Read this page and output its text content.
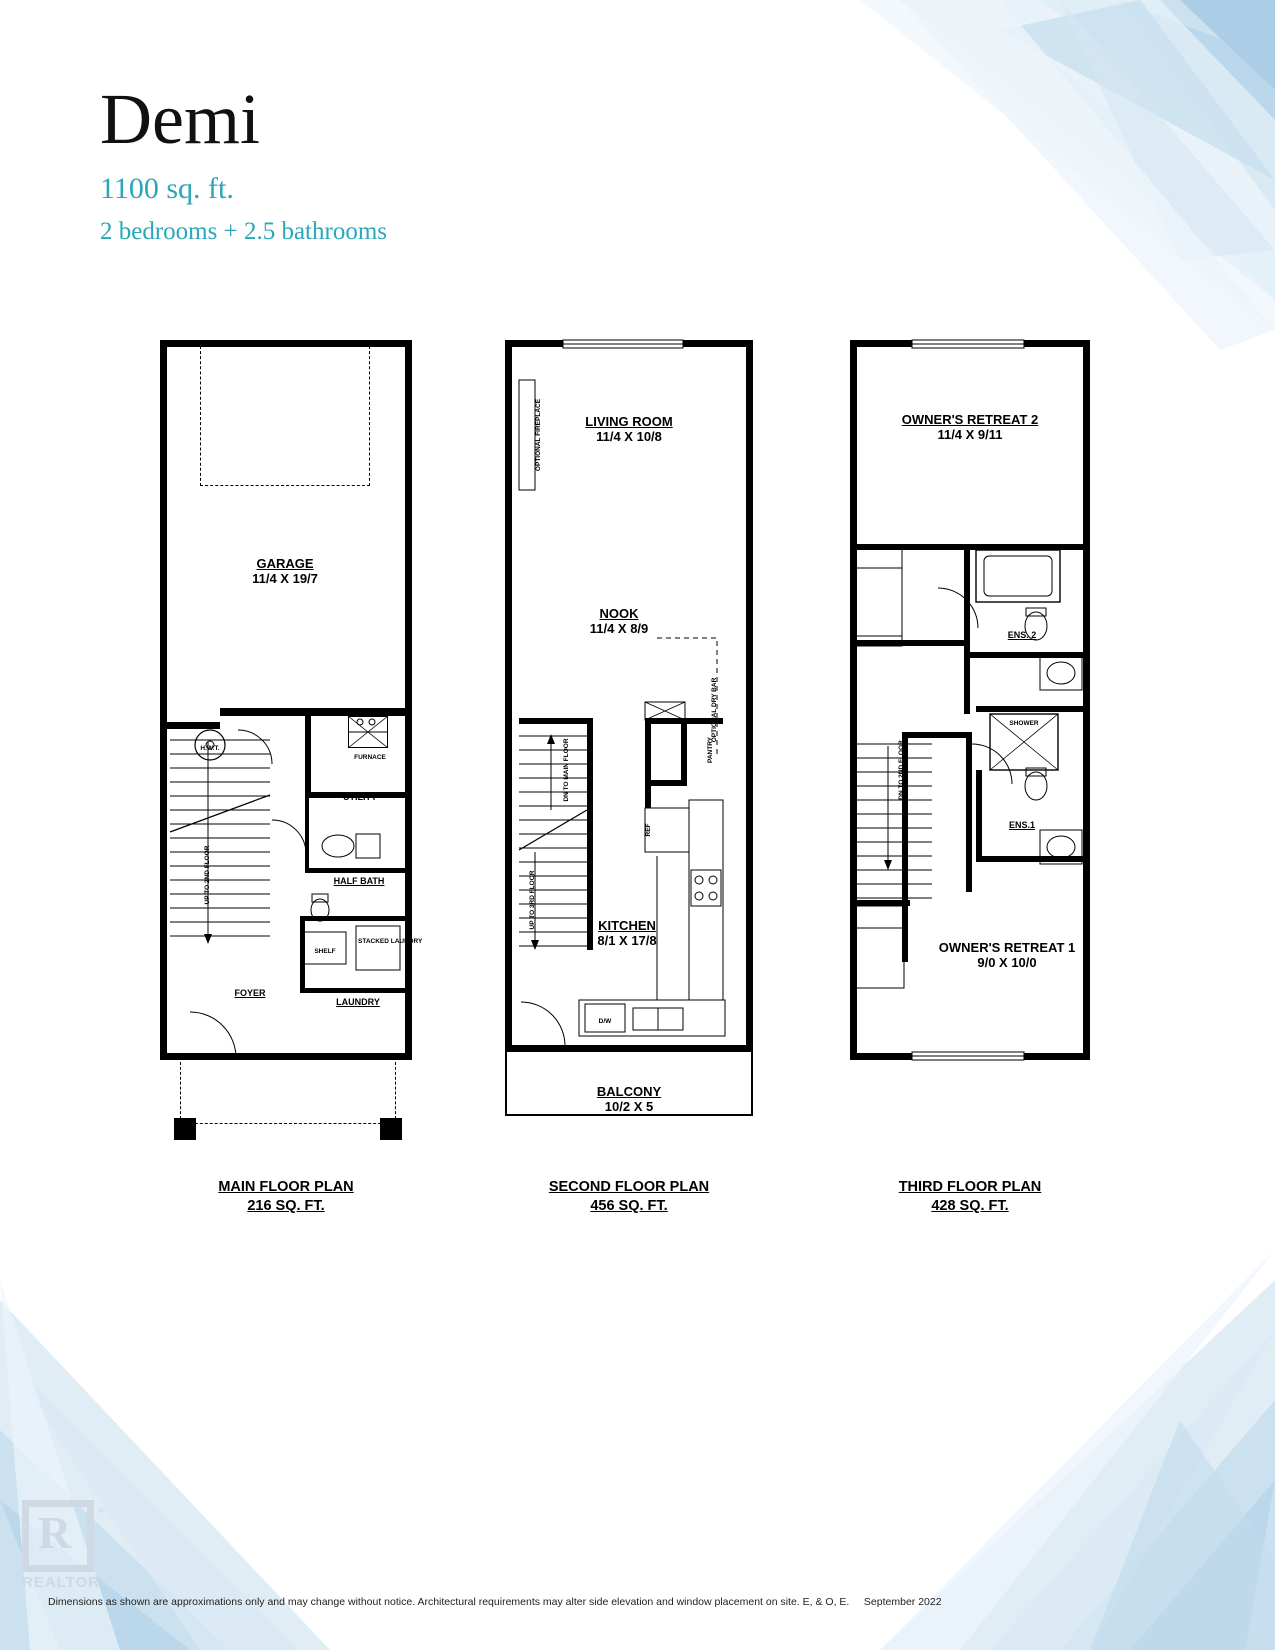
Demi
1100 sq. ft.
2 bedrooms + 2.5 bathrooms
GARAGE
11/4 X 19/7
UTILITY
HALF BATH
FOYER
LAUNDRY
H.W.T.
FURNACE
SHELF
STACKED LAUNDRY
UP TO 2ND FLOOR
MAIN FLOOR PLAN
216 SQ. FT.
LIVING ROOM
11/4 X 10/8
NOOK
11/4 X 8/9
KITCHEN
8/1 X 17/8
OPTIONAL FIREPLACE
OPTIONAL DRY BAR
PANTRY
REF
D/W
DN TO MAIN FLOOR
UP TO 3RD FLOOR
BALCONY
10/2 X 5
SECOND FLOOR PLAN
456 SQ. FT.
OWNER'S RETREAT 2
11/4 X 9/11
ENS. 2
ENS.1
OWNER'S RETREAT 1
9/0 X 10/0
SHOWER
DN TO 2ND FLOOR
THIRD FLOOR PLAN
428 SQ. FT.
R	®
REALTOR
Dimensions as shown are approximations only and may change without notice. Architectural requirements may alter side elevation and window placement on site. E, & O, E. September 2022
